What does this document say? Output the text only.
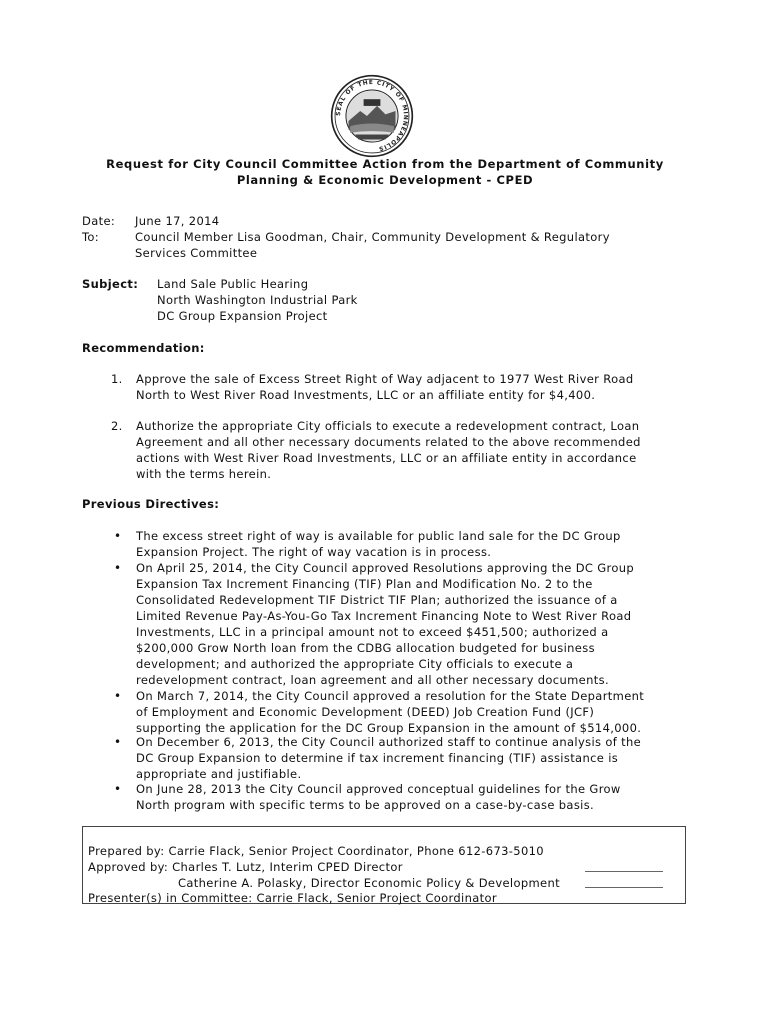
SEAL OF THE CITY OF MINNEAPOLIS
Request for City Council Committee Action from the Department of Community
Planning & Economic Development - CPED
Date: June 17, 2014
To:	Council Member Lisa Goodman, Chair, Community Development & Regulatory
Services Committee
Subject: Land Sale Public Hearing
North Washington Industrial Park
DC Group Expansion Project
Recommendation:
1. Approve the sale of Excess Street Right of Way adjacent to 1977 West River Road
North to West River Road Investments, LLC or an affiliate entity for $4,400.
2. Authorize the appropriate City officials to execute a redevelopment contract, Loan
Agreement and all other necessary documents related to the above recommended
actions with West River Road Investments, LLC or an affiliate entity in accordance
with the terms herein.
Previous Directives:
• The excess street right of way is available for public land sale for the DC Group
Expansion Project. The right of way vacation is in process.
• On April 25, 2014, the City Council approved Resolutions approving the DC Group
Expansion Tax Increment Financing (TIF) Plan and Modification No. 2 to the
Consolidated Redevelopment TIF District TIF Plan; authorized the issuance of a
Limited Revenue Pay-As-You-Go Tax Increment Financing Note to West River Road
Investments, LLC in a principal amount not to exceed $451,500; authorized a
$200,000 Grow North loan from the CDBG allocation budgeted for business
development; and authorized the appropriate City officials to execute a
redevelopment contract, loan agreement and all other necessary documents.
• On March 7, 2014, the City Council approved a resolution for the State Department
of Employment and Economic Development (DEED) Job Creation Fund (JCF)
supporting the application for the DC Group Expansion in the amount of $514,000.
• On December 6, 2013, the City Council authorized staff to continue analysis of the
DC Group Expansion to determine if tax increment financing (TIF) assistance is
appropriate and justifiable.
• On June 28, 2013 the City Council approved conceptual guidelines for the Grow
North program with specific terms to be approved on a case-by-case basis.
Prepared by: Carrie Flack, Senior Project Coordinator, Phone 612-673-5010
Approved by: Charles T. Lutz, Interim CPED Director
Catherine A. Polasky, Director Economic Policy & Development
Presenter(s) in Committee: Carrie Flack, Senior Project Coordinator
